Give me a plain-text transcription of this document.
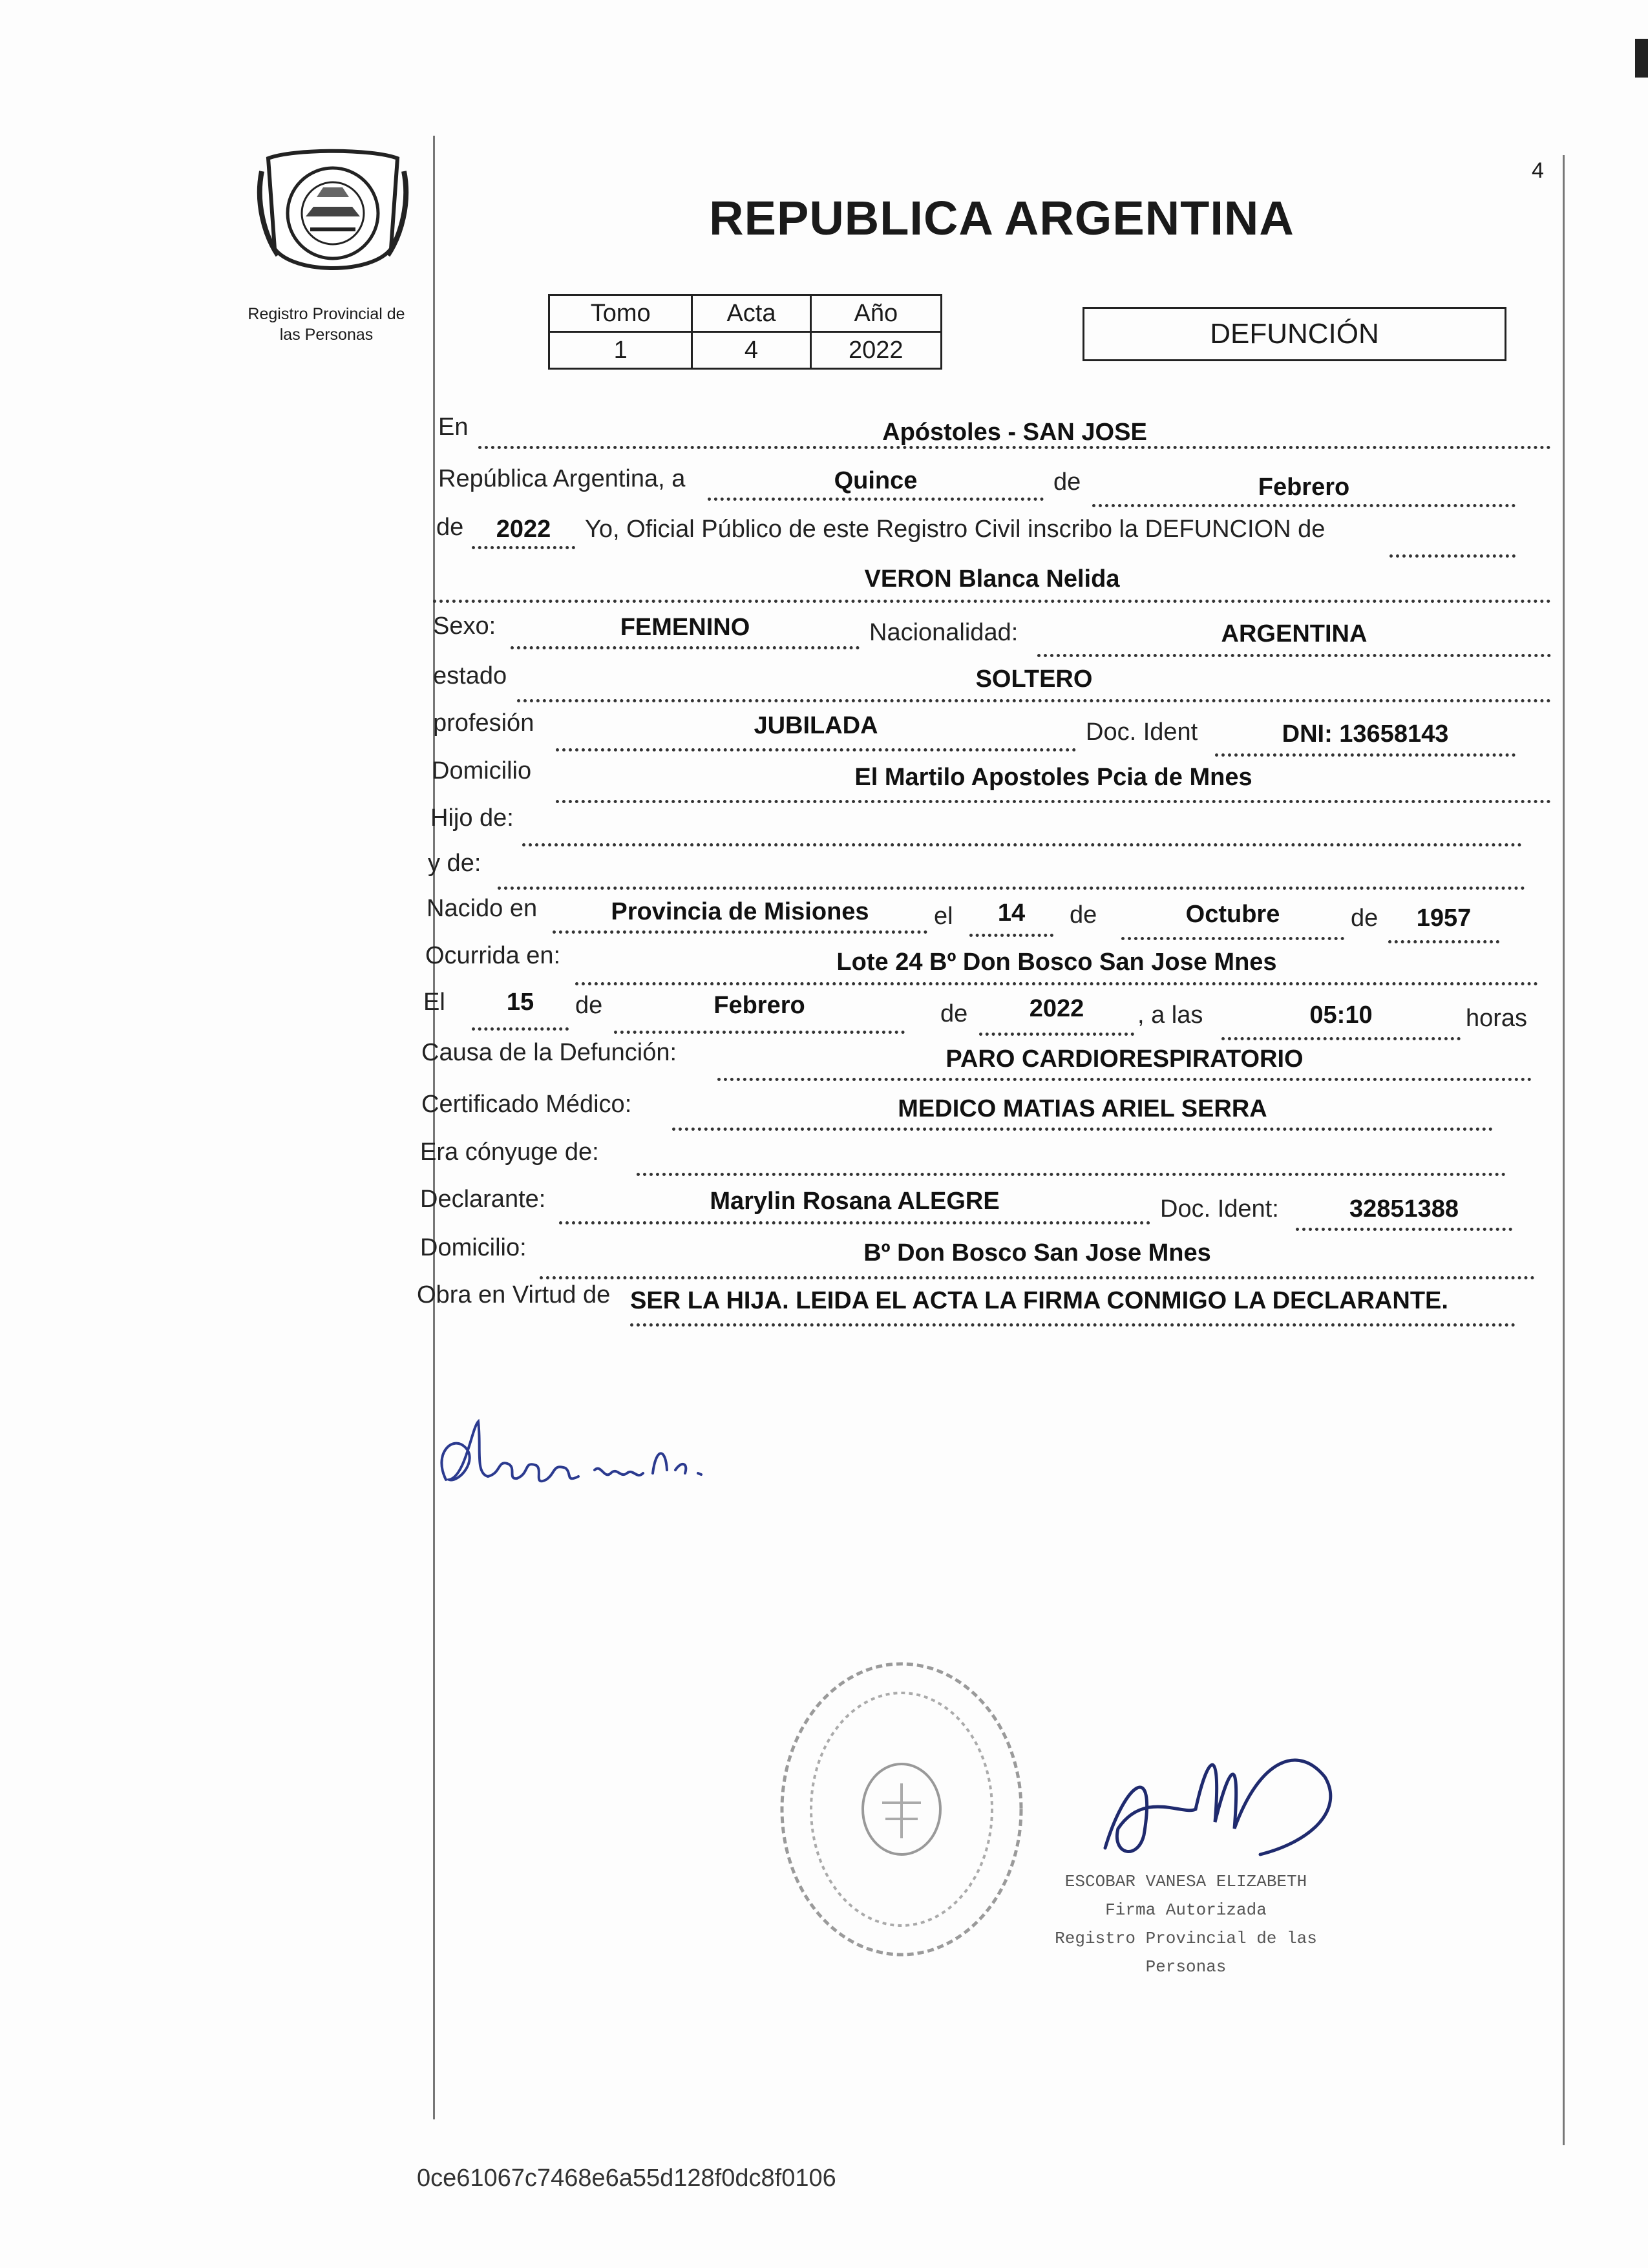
Registro Provincial de
las Personas
REPUBLICA ARGENTINA
4
Tomo	Acta	Año
1	4	2022
DEFUNCIÓN
En	Apóstoles - SAN JOSE
República Argentina, a	Quince	de	Febrero
de	2022	Yo, Oficial Público de este Registro Civil inscribo la DEFUNCION de
VERON Blanca Nelida
Sexo:	FEMENINO	Nacionalidad:	ARGENTINA
estado	SOLTERO
profesión	JUBILADA	Doc. Ident	DNI: 13658143
Domicilio	El Martilo Apostoles Pcia de Mnes
Hijo de:
y de:
Nacido en	Provincia de Misiones	el	14	de	Octubre	de	1957
Ocurrida en:	Lote 24 Bº Don Bosco San Jose Mnes
El	15	de	Febrero	de	2022	, a las	05:10	horas
Causa de la Defunción:	PARO CARDIORESPIRATORIO
Certificado Médico:	MEDICO MATIAS ARIEL SERRA
Era cónyuge de:
Declarante:	Marylin Rosana ALEGRE	Doc. Ident:	32851388
Domicilio:	Bº Don Bosco San Jose Mnes
Obra en Virtud de SER LA HIJA. LEIDA EL ACTA LA FIRMA CONMIGO LA DECLARANTE.
ESCOBAR VANESA ELIZABETH
Firma Autorizada
Registro Provincial de las Personas
0ce61067c7468e6a55d128f0dc8f0106
